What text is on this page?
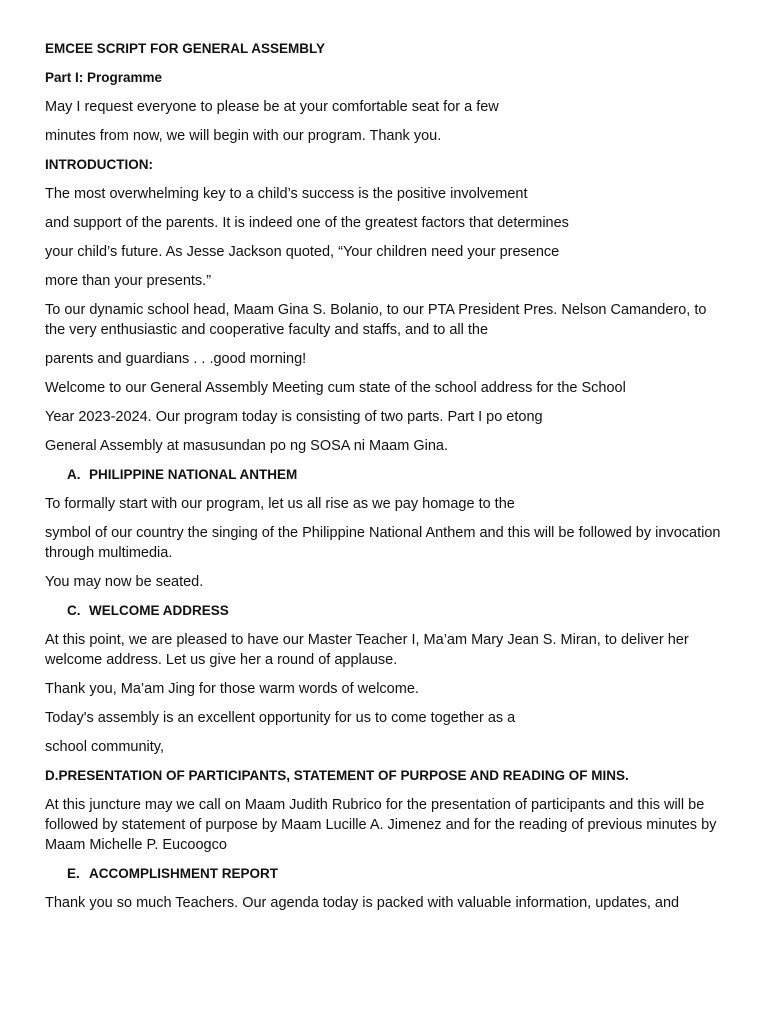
EMCEE SCRIPT FOR GENERAL ASSEMBLY

Part I: Programme

May I request everyone to please be at your comfortable seat for a few

minutes from now, we will begin with our program. Thank you.

INTRODUCTION:

The most overwhelming key to a child’s success is the positive involvement

and support of the parents. It is indeed one of the greatest factors that determines

your child’s future. As Jesse Jackson quoted, “Your children need your presence

more than your presents.”

To our dynamic school head, Maam Gina S. Bolanio, to our PTA President Pres. Nelson Camandero, to the very enthusiastic and cooperative faculty and staffs, and to all the

parents and guardians . . .good morning!

Welcome to our General Assembly Meeting cum state of the school address for the School

Year 2023-2024. Our program today is consisting of two parts. Part I po etong

General Assembly at masusundan po ng SOSA ni Maam Gina.

A. PHILIPPINE NATIONAL ANTHEM

To formally start with our program, let us all rise as we pay homage to the

symbol of our country the singing of the Philippine National Anthem and this will be followed by invocation through multimedia.

You may now be seated.

C. WELCOME ADDRESS

At this point, we are pleased to have our Master Teacher I, Ma’am Mary Jean S. Miran, to deliver her welcome address. Let us give her a round of applause.

Thank you, Ma’am Jing for those warm words of welcome.

Today's assembly is an excellent opportunity for us to come together as a

school community,

D.PRESENTATION OF PARTICIPANTS, STATEMENT OF PURPOSE AND READING OF MINS.

At this juncture may we call on Maam Judith Rubrico for the presentation of participants and this will be followed by statement of purpose by Maam Lucille A. Jimenez and for the reading of previous minutes by Maam Michelle P. Eucoogco

E. ACCOMPLISHMENT REPORT

Thank you so much Teachers. Our agenda today is packed with valuable information, updates, and
